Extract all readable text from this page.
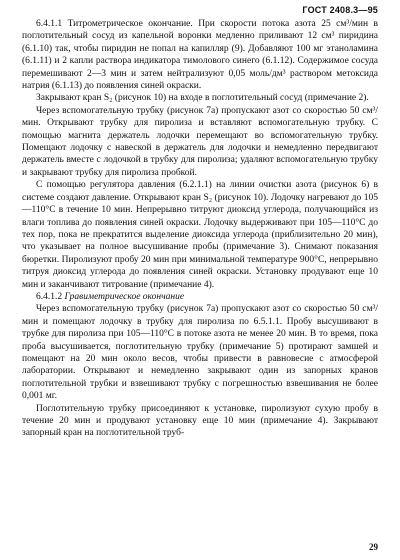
ГОСТ 2408.3—95

6.4.1.1 Титрометрическое окончание. При скорости потока азота 25 см³/мин в поглотительный сосуд из капельной воронки медленно приливают 12 см³ пиридина (6.1.10) так, чтобы пиридин не попал на капилляр (9). Добавляют 100 мг этаноламина (6.1.11) и 2 капли раствора индикатора тимолового синего (6.1.12). Содержимое сосуда перемешивают 2—3 мин и затем нейтрализуют 0,05 моль/дм³ раствором метоксида натрия (6.1.13) до появления синей окраски.

Закрывают кран S₂ (рисунок 10) на входе в поглотительный сосуд (примечание 2).

Через вспомогательную трубку (рисунок 7а) пропускают азот со скоростью 50 см³/мин. Открывают трубку для пиролиза и вставляют вспомогательную трубку. С помощью магнита держатель лодочки перемещают во вспомогательную трубку. Помещают лодочку с навеской в держатель для лодочки и немедленно передвигают держатель вместе с лодочкой в трубку для пиролиза; удаляют вспомогательную трубку и закрывают трубку для пиролиза пробкой.

С помощью регулятора давления (6.2.1.1) на линии очистки азота (рисунок 6) в системе создают давление. Открывают кран S₂ (рисунок 10). Лодочку нагревают до 105—110°С в течение 10 мин. Непрерывно титруют диоксид углерода, получающийся из влаги топлива до появления синей окраски. Лодочку выдерживают при 105—110°С до тех пор, пока не прекратится выделение диоксида углерода (приблизительно 20 мин), что указывает на полное высушивание пробы (примечание 3). Снимают показания бюретки. Пиролизуют пробу 20 мин при минимальной температуре 900°С, непрерывно титруя диоксид углерода до появления синей окраски. Установку продувают еще 10 мин и заканчивают титрование (примечание 4).

6.4.1.2 Гравиметрическое окончание

Через вспомогательную трубку (рисунок 7а) пропускают азот со скоростью 50 см³/мин и помещают лодочку в трубку для пиролиза по 6.5.1.1. Пробу высушивают в трубке для пиролиза при 105—110°С в потоке азота не менее 20 мин. В то время, пока проба высушивается, поглотительную трубку (примечание 5) протирают замшей и помещают на 20 мин около весов, чтобы привести в равновесие с атмосферой лаборатории. Открывают и немедленно закрывают один из запорных кранов поглотительной трубки и взвешивают трубку с погрешностью взвешивания не более 0,001 мг.

Поглотительную трубку присоединяют к установке, пиролизуют сухую пробу в течение 20 мин и продувают установку еще 10 мин (примечание 4). Закрывают запорный кран на поглотительной труб-

29
